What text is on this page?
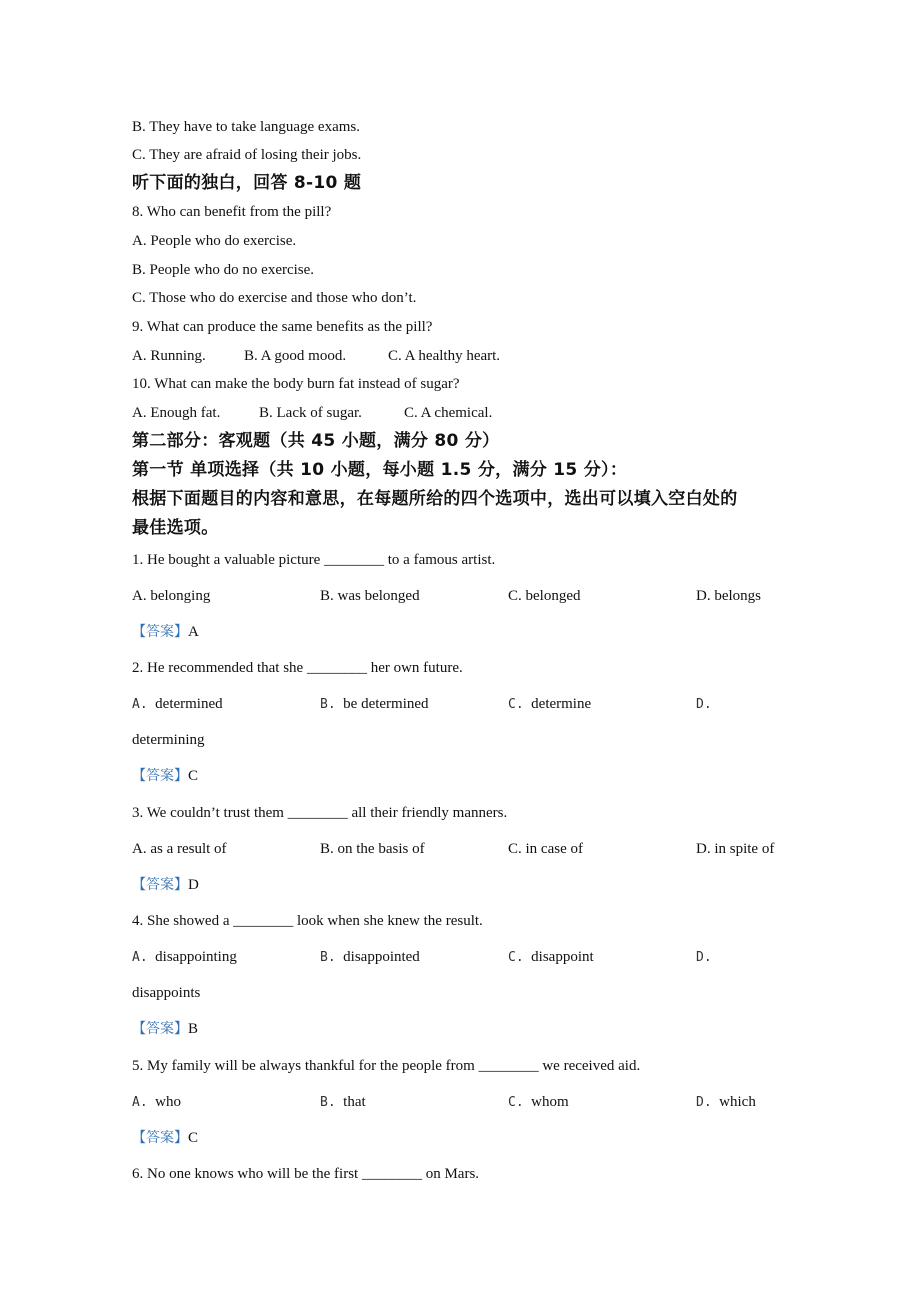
B. They have to take language exams.
C. They are afraid of losing their jobs.
听下面的独白，回答 8-10 题
8. Who can benefit from the pill?
A. People who do exercise.
B. People who do no exercise.
C. Those who do exercise and those who don’t.
9. What can produce the same benefits as the pill?
A. Running.	B. A good mood.	C. A healthy heart.
10. What can make the body burn fat instead of sugar?
A. Enough fat.	B. Lack of sugar.	C. A chemical.
第二部分：客观题（共 45 小题，满分 80 分）
第一节 单项选择（共 10 小题，每小题 1.5 分，满分 15 分）：
根据下面题目的内容和意思，在每题所给的四个选项中，选出可以填入空白处的
最佳选项。
1. He bought a valuable picture ________ to a famous artist.
A. belonging	B. was belonged	C. belonged	D. belongs
【答案】A
2. He recommended that she ________ her own future.
A. determined	B. be determined	C. determine	D.
determining
【答案】C
3. We couldn’t trust them ________ all their friendly manners.
A. as a result of	B. on the basis of	C. in case of	D. in spite of
【答案】D
4. She showed a ________ look when she knew the result.
A. disappointing	B. disappointed	C. disappoint	D.
disappoints
【答案】B
5. My family will be always thankful for the people from ________ we received aid.
A. who	B. that	C. whom	D. which
【答案】C
6. No one knows who will be the first ________ on Mars.
